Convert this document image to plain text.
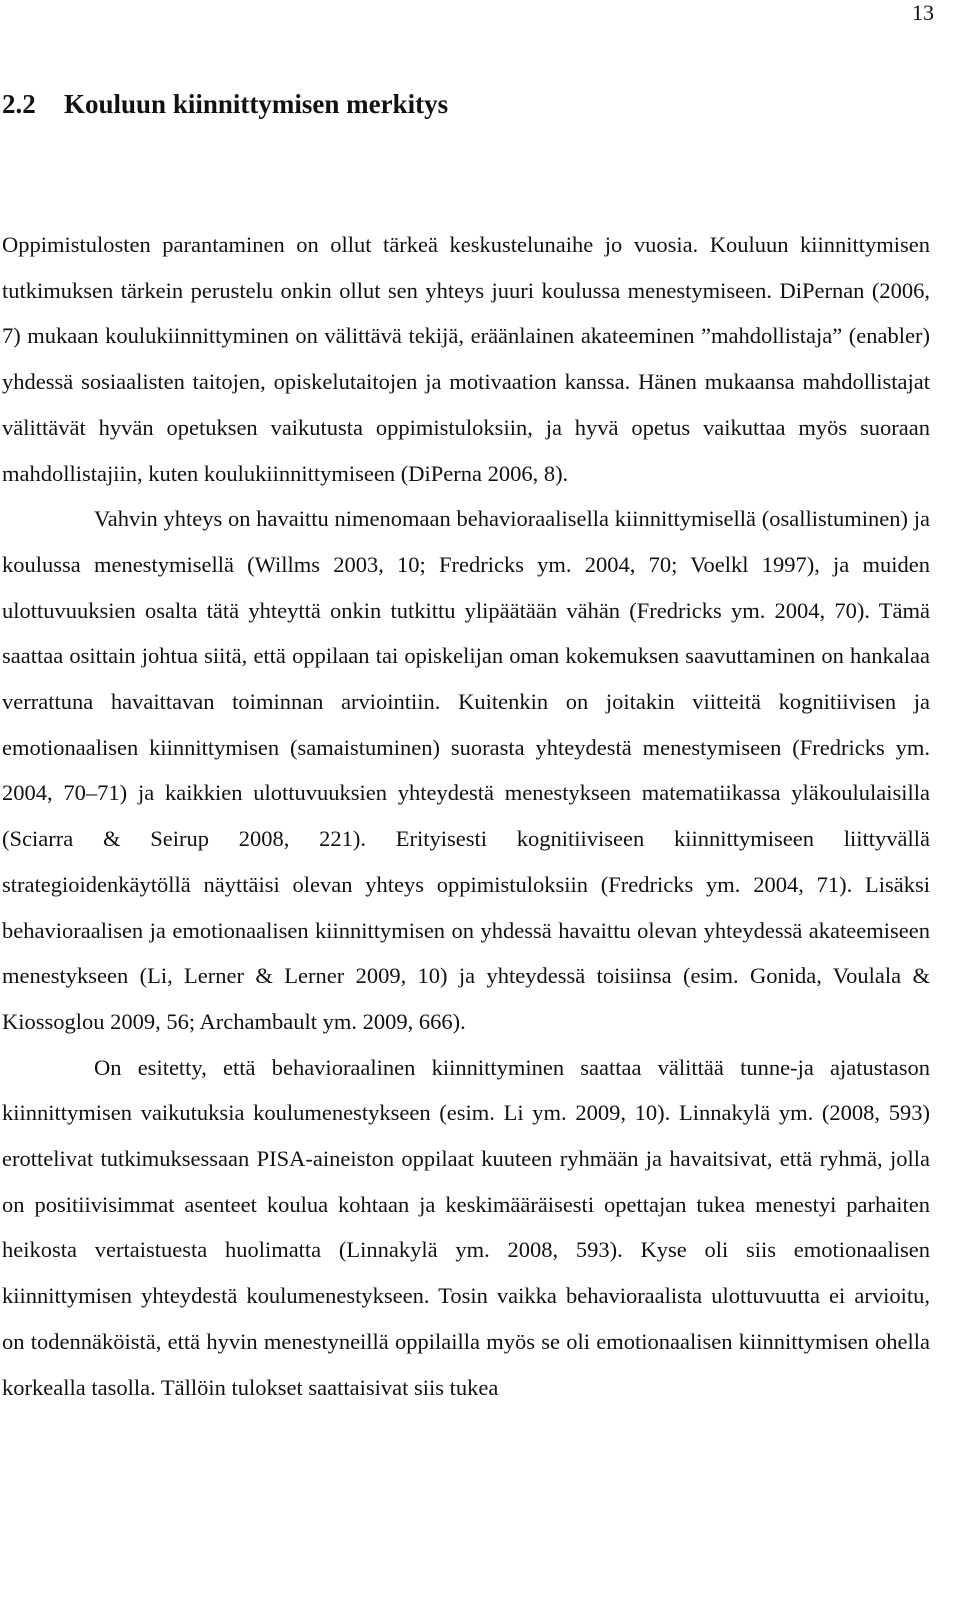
13
2.2 Kouluun kiinnittymisen merkitys

Oppimistulosten parantaminen on ollut tärkeä keskustelunaihe jo vuosia. Kouluun kiinnittymisen tutkimuksen tärkein perustelu onkin ollut sen yhteys juuri koulussa menestymiseen. DiPernan (2006, 7) mukaan koulukiinnittyminen on välittävä tekijä, eräänlainen akateeminen ”mahdollistaja” (enabler) yhdessä sosiaalisten taitojen, opiskelutaitojen ja motivaation kanssa. Hänen mukaansa mahdollistajat välittävät hyvän opetuksen vaikutusta oppimistuloksiin, ja hyvä opetus vaikuttaa myös suoraan mahdollistajiin, kuten koulukiinnittymiseen (DiPerna 2006, 8).

Vahvin yhteys on havaittu nimenomaan behavioraalisella kiinnittymisellä (osallistuminen) ja koulussa menestymisellä (Willms 2003, 10; Fredricks ym. 2004, 70; Voelkl 1997), ja muiden ulottuvuuksien osalta tätä yhteyttä onkin tutkittu ylipäätään vähän (Fredricks ym. 2004, 70). Tämä saattaa osittain johtua siitä, että oppilaan tai opiskelijan oman kokemuksen saavuttaminen on hankalaa verrattuna havaittavan toiminnan arviointiin. Kuitenkin on joitakin viitteitä kognitiivisen ja emotionaalisen kiinnittymisen (samaistuminen) suorasta yhteydestä menestymiseen (Fredricks ym. 2004, 70–71) ja kaikkien ulottuvuuksien yhteydestä menestykseen matematiikassa yläkoululaisilla (Sciarra & Seirup 2008, 221). Erityisesti kognitiiviseen kiinnittymiseen liittyvällä strategioidenkäytöllä näyttäisi olevan yhteys oppimistuloksiin (Fredricks ym. 2004, 71). Lisäksi behavioraalisen ja emotionaalisen kiinnittymisen on yhdessä havaittu olevan yhteydessä akateemiseen menestykseen (Li, Lerner & Lerner 2009, 10) ja yhteydessä toisiinsa (esim. Gonida, Voulala & Kiossoglou 2009, 56; Archambault ym. 2009, 666).

On esitetty, että behavioraalinen kiinnittyminen saattaa välittää tunne-ja ajatustason kiinnittymisen vaikutuksia koulumenestykseen (esim. Li ym. 2009, 10). Linnakylä ym. (2008, 593) erottelivat tutkimuksessaan PISA-aineiston oppilaat kuuteen ryhmään ja havaitsivat, että ryhmä, jolla on positiivisimmat asenteet koulua kohtaan ja keskimääräisesti opettajan tukea menestyi parhaiten heikosta vertaistuesta huolimatta (Linnakylä ym. 2008, 593). Kyse oli siis emotionaalisen kiinnittymisen yhteydestä koulumenestykseen. Tosin vaikka behavioraalista ulottuvuutta ei arvioitu, on todennäköistä, että hyvin menestyneillä oppilailla myös se oli emotionaalisen kiinnittymisen ohella korkealla tasolla. Tällöin tulokset saattaisivat siis tukea
